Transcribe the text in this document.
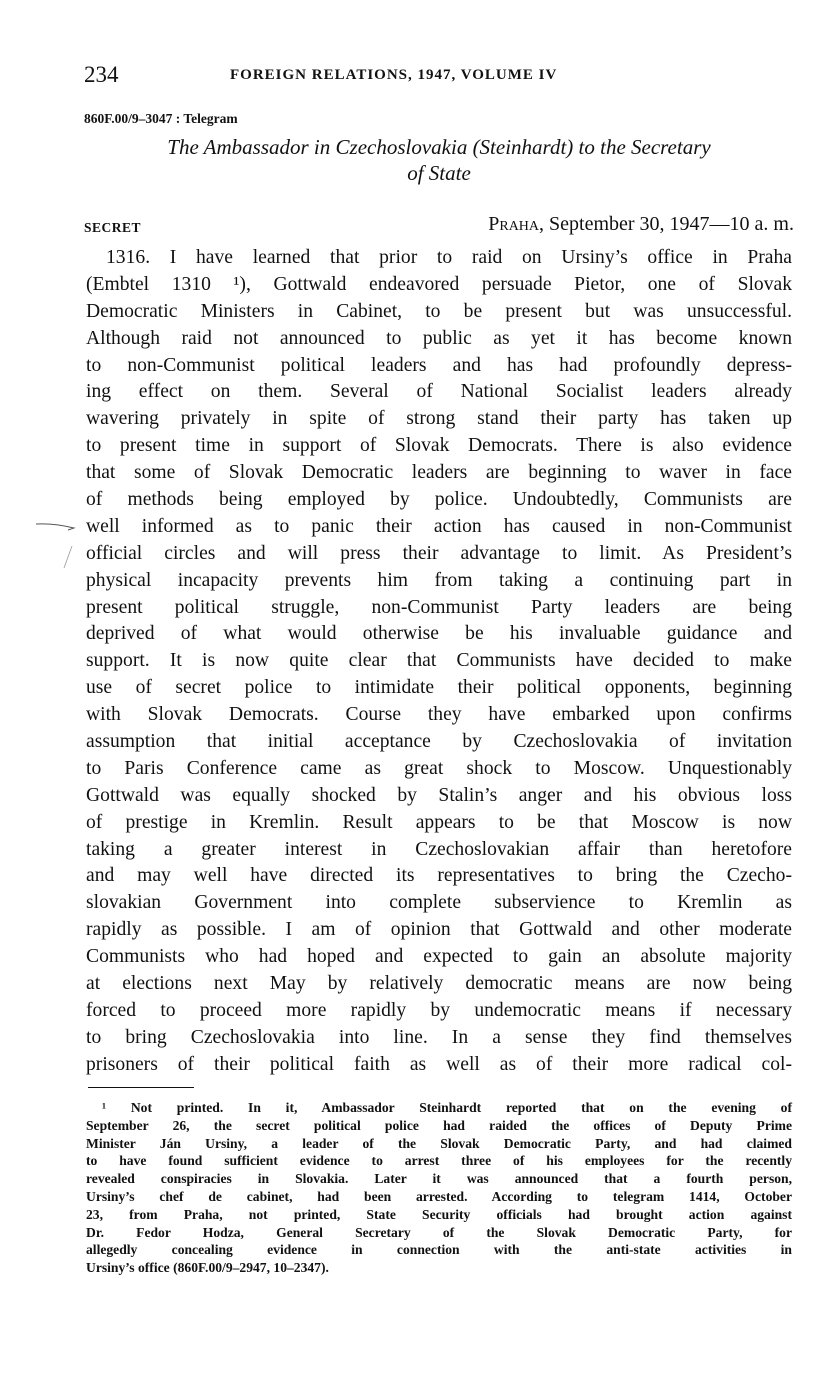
234	FOREIGN RELATIONS, 1947, VOLUME IV
860F.00/9–3047 : Telegram
The Ambassador in Czechoslovakia (Steinhardt) to the Secretary
of State
SECRET	Praha, September 30, 1947—10 a. m.
1316. I have learned that prior to raid on Ursiny’s office in Praha
(Embtel 1310 ¹), Gottwald endeavored persuade Pietor, one of Slovak
Democratic Ministers in Cabinet, to be present but was unsuccessful.
Although raid not announced to public as yet it has become known
to non-Communist political leaders and has had profoundly depress-
ing effect on them. Several of National Socialist leaders already
wavering privately in spite of strong stand their party has taken up
to present time in support of Slovak Democrats. There is also evidence
that some of Slovak Democratic leaders are beginning to waver in face
of methods being employed by police. Undoubtedly, Communists are
well informed as to panic their action has caused in non-Communist
official circles and will press their advantage to limit. As President’s
physical incapacity prevents him from taking a continuing part in
present political struggle, non-Communist Party leaders are being
deprived of what would otherwise be his invaluable guidance and
support. It is now quite clear that Communists have decided to make
use of secret police to intimidate their political opponents, beginning
with Slovak Democrats. Course they have embarked upon confirms
assumption that initial acceptance by Czechoslovakia of invitation
to Paris Conference came as great shock to Moscow. Unquestionably
Gottwald was equally shocked by Stalin’s anger and his obvious loss
of prestige in Kremlin. Result appears to be that Moscow is now
taking a greater interest in Czechoslovakian affair than heretofore
and may well have directed its representatives to bring the Czecho-
slovakian Government into complete subservience to Kremlin as
rapidly as possible. I am of opinion that Gottwald and other moderate
Communists who had hoped and expected to gain an absolute majority
at elections next May by relatively democratic means are now being
forced to proceed more rapidly by undemocratic means if necessary
to bring Czechoslovakia into line. In a sense they find themselves
prisoners of their political faith as well as of their more radical col-
¹ Not printed. In it, Ambassador Steinhardt reported that on the evening of
September 26, the secret political police had raided the offices of Deputy Prime
Minister Ján Ursiny, a leader of the Slovak Democratic Party, and had claimed
to have found sufficient evidence to arrest three of his employees for the recently
revealed conspiracies in Slovakia. Later it was announced that a fourth person,
Ursiny’s chef de cabinet, had been arrested. According to telegram 1414, October
23, from Praha, not printed, State Security officials had brought action against
Dr. Fedor Hodza, General Secretary of the Slovak Democratic Party, for
allegedly concealing evidence in connection with the anti-state activities in
Ursiny’s office (860F.00/9–2947, 10–2347).
